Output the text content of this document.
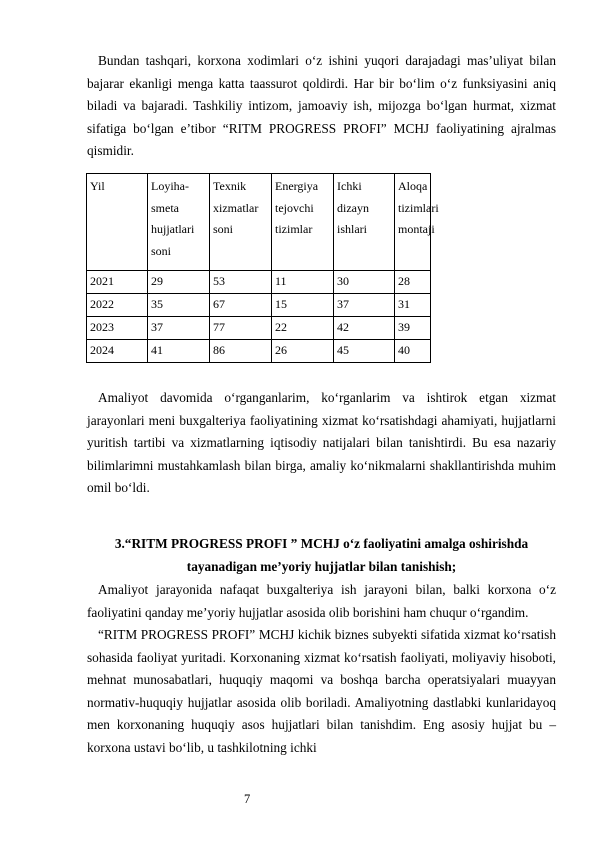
Bundan tashqari, korxona xodimlari o‘z ishini yuqori darajadagi mas’uliyat bilan bajarar ekanligi menga katta taassurot qoldirdi. Har bir bo‘lim o‘z funksiyasini aniq biladi va bajaradi. Tashkiliy intizom, jamoaviy ish, mijozga bo‘lgan hurmat, xizmat sifatiga bo‘lgan e’tibor “RITM PROGRESS PROFI” MCHJ faoliyatining ajralmas qismidir.

Yil	Loyiha-smeta hujjatlari soni	Texnik xizmatlar soni	Energiya tejovchi tizimlar	Ichki dizayn ishlari	Aloqa tizimlari montaji
2021	29	53	11	30	28
2022	35	67	15	37	31
2023	37	77	22	42	39
2024	41	86	26	45	40

Amaliyot davomida o‘rganganlarim, ko‘rganlarim va ishtirok etgan xizmat jarayonlari meni buxgalteriya faoliyatining xizmat ko‘rsatishdagi ahamiyati, hujjatlarni yuritish tartibi va xizmatlarning iqtisodiy natijalari bilan tanishtirdi. Bu esa nazariy bilimlarimni mustahkamlash bilan birga, amaliy ko‘nikmalarni shakllantirishda muhim omil bo‘ldi.

3.“RITM PROGRESS PROFI ” MCHJ o‘z faoliyatini amalga oshirishda

tayanadigan me’yoriy hujjatlar bilan tanishish;

Amaliyot jarayonida nafaqat buxgalteriya ish jarayoni bilan, balki korxona o‘z faoliyatini qanday me’yoriy hujjatlar asosida olib borishini ham chuqur o‘rgandim.

“RITM PROGRESS PROFI” MCHJ kichik biznes subyekti sifatida xizmat ko‘rsatish sohasida faoliyat yuritadi. Korxonaning xizmat ko‘rsatish faoliyati, moliyaviy hisoboti, mehnat munosabatlari, huquqiy maqomi va boshqa barcha operatsiyalari muayyan normativ-huquqiy hujjatlar asosida olib boriladi. Amaliyotning dastlabki kunlaridayoq men korxonaning huquqiy asos hujjatlari bilan tanishdim. Eng asosiy hujjat bu – korxona ustavi bo‘lib, u tashkilotning ichki

7
